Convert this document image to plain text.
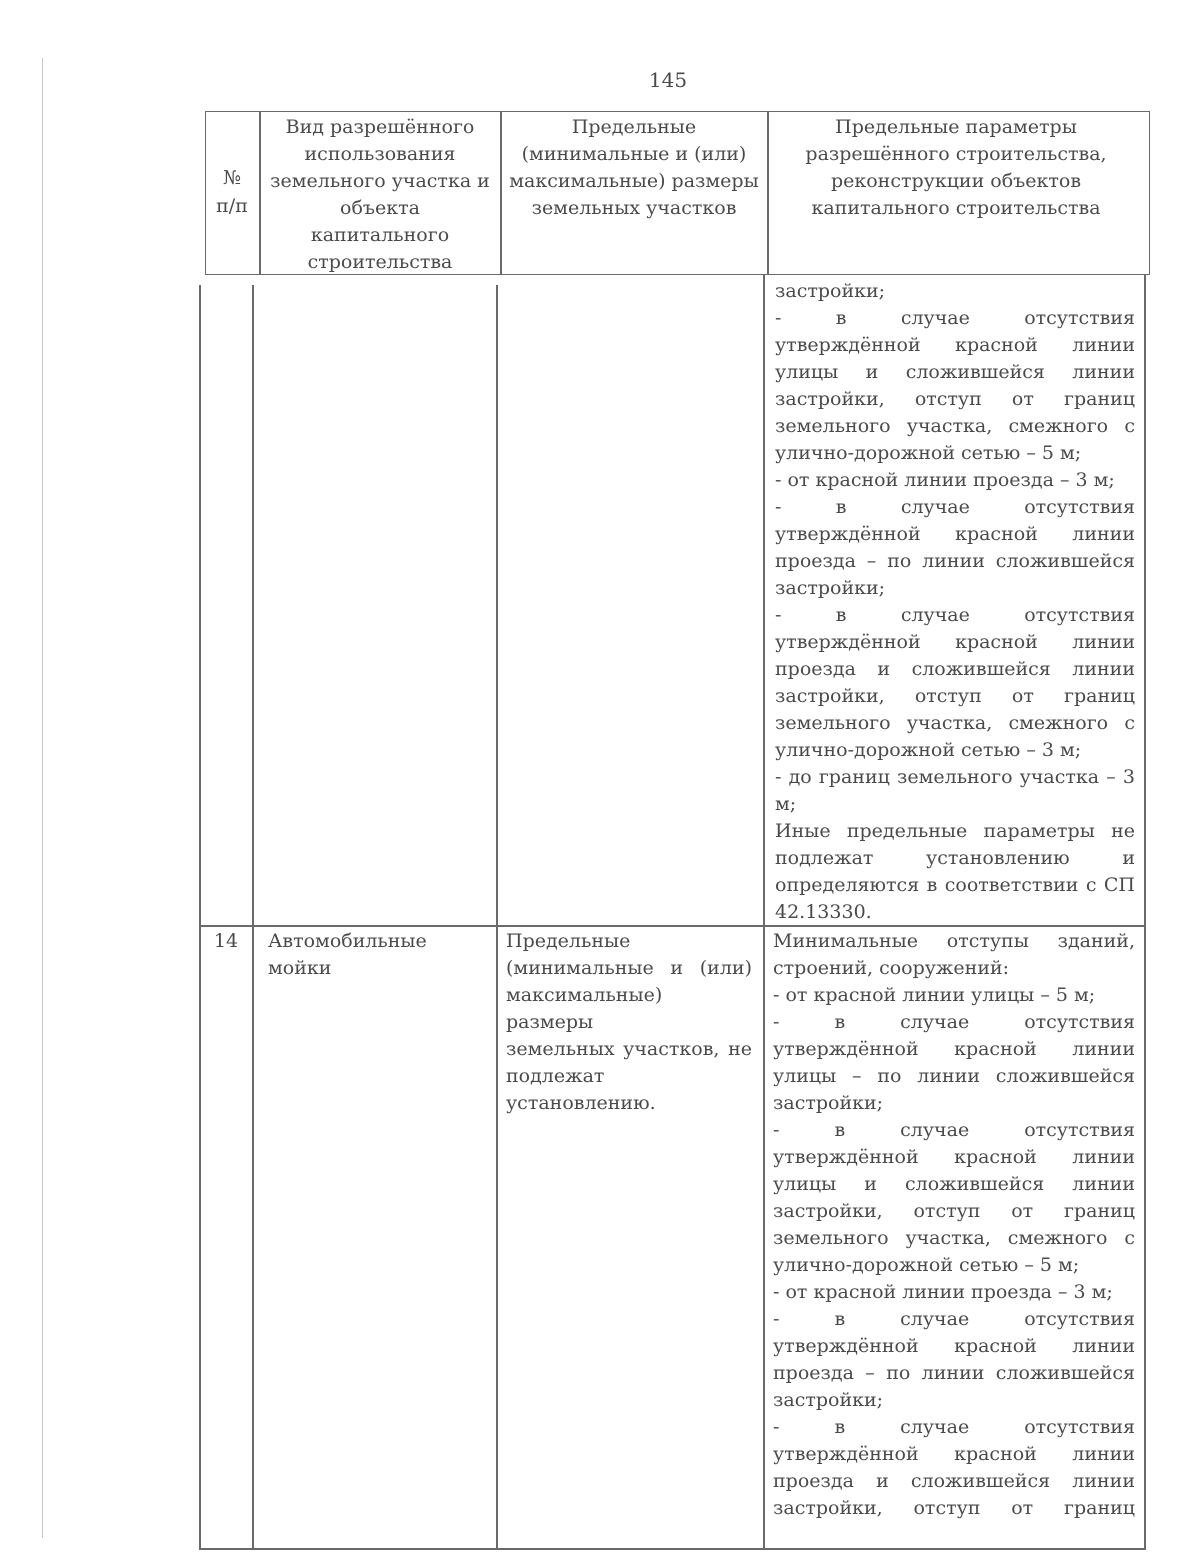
145
№ п/п
Вид разрешённого
использования
земельного участка и
объекта
капитального
строительства
Предельные
(минимальные и (или)
максимальные) размеры
земельных участков
Предельные параметры
разрешённого строительства,
реконструкции объектов
капитального строительства
застройки;
- в случае отсутствия
утверждённой красной линии
улицы и сложившейся линии
застройки, отступ от границ
земельного участка, смежного с
улично-дорожной сетью – 5 м;
- от красной линии проезда – 3 м;
- в случае отсутствия
утверждённой красной линии
проезда – по линии сложившейся
застройки;
- в случае отсутствия
утверждённой красной линии
проезда и сложившейся линии
застройки, отступ от границ
земельного участка, смежного с
улично-дорожной сетью – 3 м;
- до границ земельного участка – 3
м;
Иные предельные параметры не
подлежат установлению и
определяются в соответствии с СП
42.13330.
14	Автомобильные
мойки
Предельные
(минимальные и (или)
максимальные) размеры
земельных участков, не
подлежат
установлению.
Минимальные отступы зданий,
строений, сооружений:
- от красной линии улицы – 5 м;
- в случае отсутствия
утверждённой красной линии
улицы – по линии сложившейся
застройки;
- в случае отсутствия
утверждённой красной линии
улицы и сложившейся линии
застройки, отступ от границ
земельного участка, смежного с
улично-дорожной сетью – 5 м;
- от красной линии проезда – 3 м;
- в случае отсутствия
утверждённой красной линии
проезда – по линии сложившейся
застройки;
- в случае отсутствия
утверждённой красной линии
проезда и сложившейся линии
застройки, отступ от границ
